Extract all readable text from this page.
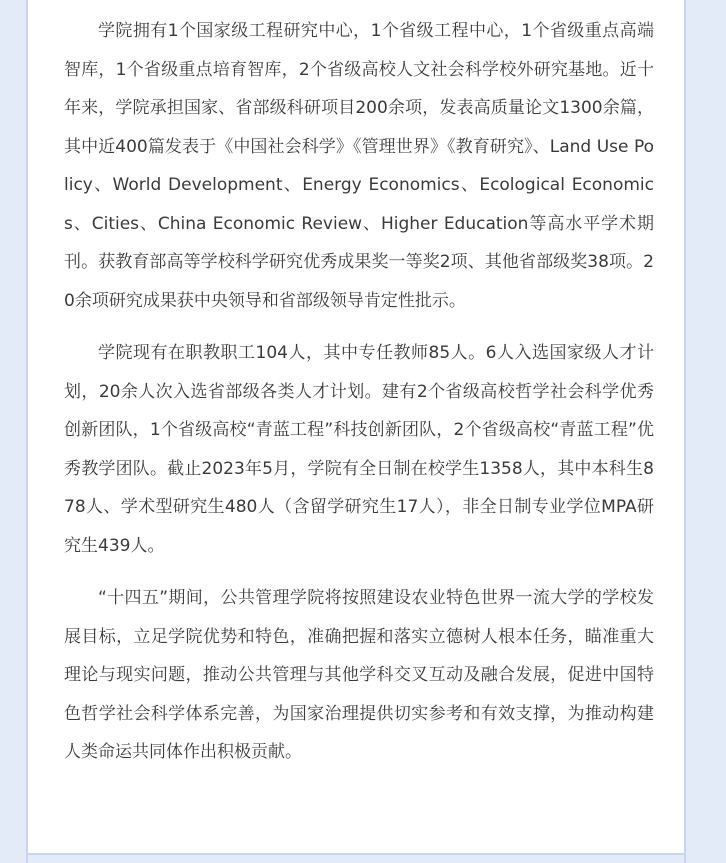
学院拥有1个国家级工程研究中心，1个省级工程中心，1个省级重点高端智库，1个省级重点培育智库，2个省级高校人文社会科学校外研究基地。近十年来，学院承担国家、省部级科研项目200余项，发表高质量论文1300余篇，其中近400篇发表于《中国社会科学》《管理世界》《教育研究》、Land Use Policy、World Development、Energy Economics、Ecological Economics、Cities、China Economic Review、Higher Education等高水平学术期刊。获教育部高等学校科学研究优秀成果奖一等奖2项、其他省部级奖38项。20余项研究成果获中央领导和省部级领导肯定性批示。

学院现有在职教职工104人，其中专任教师85人。6人入选国家级人才计划，20余人次入选省部级各类人才计划。建有2个省级高校哲学社会科学优秀创新团队，1个省级高校“青蓝工程”科技创新团队，2个省级高校“青蓝工程”优秀教学团队。截止2023年5月，学院有全日制在校学生1358人，其中本科生878人、学术型研究生480人（含留学研究生17人），非全日制专业学位MPA研究生439人。

“十四五”期间，公共管理学院将按照建设农业特色世界一流大学的学校发展目标，立足学院优势和特色，准确把握和落实立德树人根本任务，瞄准重大理论与现实问题，推动公共管理与其他学科交叉互动及融合发展，促进中国特色哲学社会科学体系完善，为国家治理提供切实参考和有效支撑，为推动构建人类命运共同体作出积极贡献。
